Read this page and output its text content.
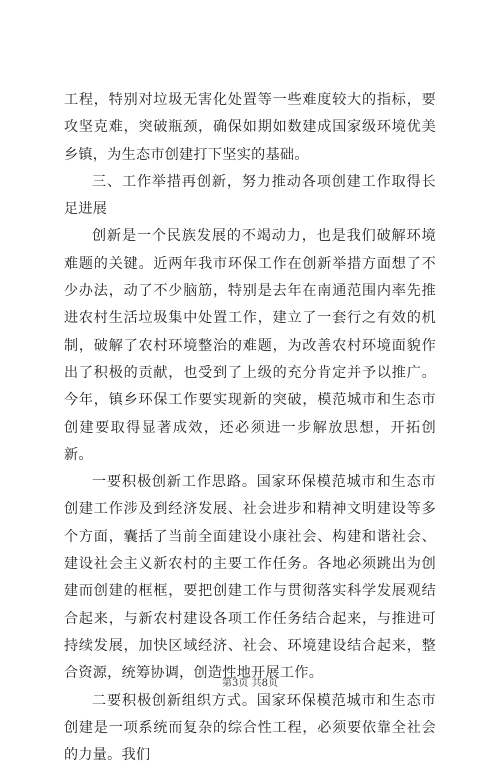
工程，特别对垃圾无害化处置等一些难度较大的指标，要攻坚克难，突破瓶颈，确保如期如数建成国家级环境优美乡镇，为生态市创建打下坚实的基础。

三、工作举措再创新，努力推动各项创建工作取得长足进展

创新是一个民族发展的不竭动力，也是我们破解环境难题的关键。近两年我市环保工作在创新举措方面想了不少办法，动了不少脑筋，特别是去年在南通范围内率先推进农村生活垃圾集中处置工作，建立了一套行之有效的机制，破解了农村环境整治的难题，为改善农村环境面貌作出了积极的贡献，也受到了上级的充分肯定并予以推广。今年，镇乡环保工作要实现新的突破，模范城市和生态市创建要取得显著成效，还必须进一步解放思想，开拓创新。

一要积极创新工作思路。国家环保模范城市和生态市创建工作涉及到经济发展、社会进步和精神文明建设等多个方面，囊括了当前全面建设小康社会、构建和谐社会、建设社会主义新农村的主要工作任务。各地必须跳出为创建而创建的框框，要把创建工作与贯彻落实科学发展观结合起来，与新农村建设各项工作任务结合起来，与推进可持续发展，加快区域经济、社会、环境建设结合起来，整合资源，统筹协调，创造性地开展工作。

二要积极创新组织方式。国家环保模范城市和生态市创建是一项系统而复杂的综合性工程，必须要依靠全社会的力量。我们

第3页 共8页
